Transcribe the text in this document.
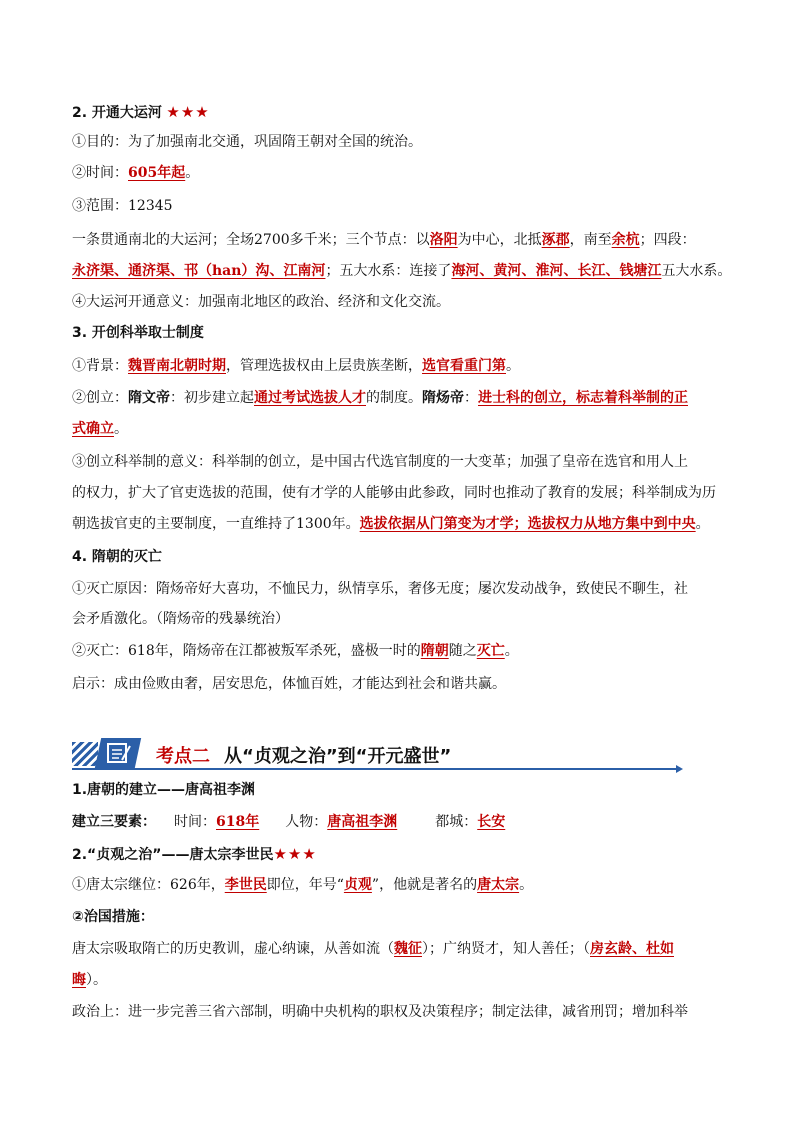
2. 开通大运河 ★★★
①目的：为了加强南北交通，巩固隋王朝对全国的统治。
②时间：605年起。
③范围：12345
一条贯通南北的大运河；全场2700多千米；三个节点：以洛阳为中心，北抵涿郡，南至余杭；四段：
永济渠、通济渠、邗（han）沟、江南河；五大水系：连接了海河、黄河、淮河、长江、钱塘江五大水系。
④大运河开通意义：加强南北地区的政治、经济和文化交流。
3. 开创科举取士制度
①背景：魏晋南北朝时期，管理选拔权由上层贵族垄断，选官看重门第。
②创立：隋文帝：初步建立起通过考试选拔人才的制度。隋炀帝：进士科的创立，标志着科举制的正
式确立。
③创立科举制的意义：科举制的创立，是中国古代选官制度的一大变革；加强了皇帝在选官和用人上
的权力，扩大了官吏选拔的范围，使有才学的人能够由此参政，同时也推动了教育的发展；科举制成为历
朝选拔官吏的主要制度，一直维持了1300年。选拔依据从门第变为才学；选拔权力从地方集中到中央。
4. 隋朝的灭亡
①灭亡原因：隋炀帝好大喜功，不恤民力，纵情享乐，奢侈无度；屡次发动战争，致使民不聊生，社
会矛盾激化。（隋炀帝的残暴统治）
②灭亡：618年，隋炀帝在江都被叛军杀死，盛极一时的隋朝随之灭亡。
启示：成由俭败由奢，居安思危，体恤百姓，才能达到社会和谐共赢。
考点二 从“贞观之治”到“开元盛世”
1.唐朝的建立——唐高祖李渊
建立三要素： 时间：618年 人物：唐高祖李渊	都城：长安
2.“贞观之治”——唐太宗李世民★★★
①唐太宗继位：626年，李世民即位，年号“贞观”，他就是著名的唐太宗。
②治国措施：
唐太宗吸取隋亡的历史教训，虚心纳谏，从善如流（魏征）；广纳贤才，知人善任；（房玄龄、杜如
晦）。
政治上：进一步完善三省六部制，明确中央机构的职权及决策程序；制定法律，减省刑罚；增加科举
